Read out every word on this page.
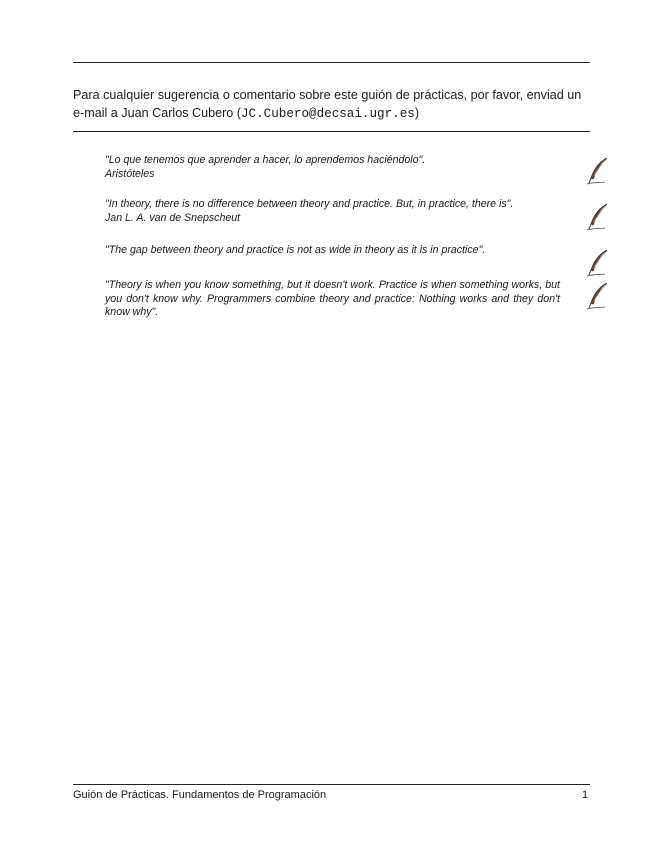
Para cualquier sugerencia o comentario sobre este guión de prácticas, por favor, enviad un e-mail a Juan Carlos Cubero (JC.Cubero@decsai.ugr.es)

"Lo que tenemos que aprender a hacer, lo aprendemos haciéndolo".

Aristóteles

"In theory, there is no difference between theory and practice. But, in practice, there is".

Jan L. A. van de Snepscheut

"The gap between theory and practice is not as wide in theory as it is in practice".

"Theory is when you know something, but it doesn't work. Practice is when something works, but you don't know why. Programmers combine theory and practice: Nothing works and they don't know why".

Guión de Prácticas. Fundamentos de Programación	1
